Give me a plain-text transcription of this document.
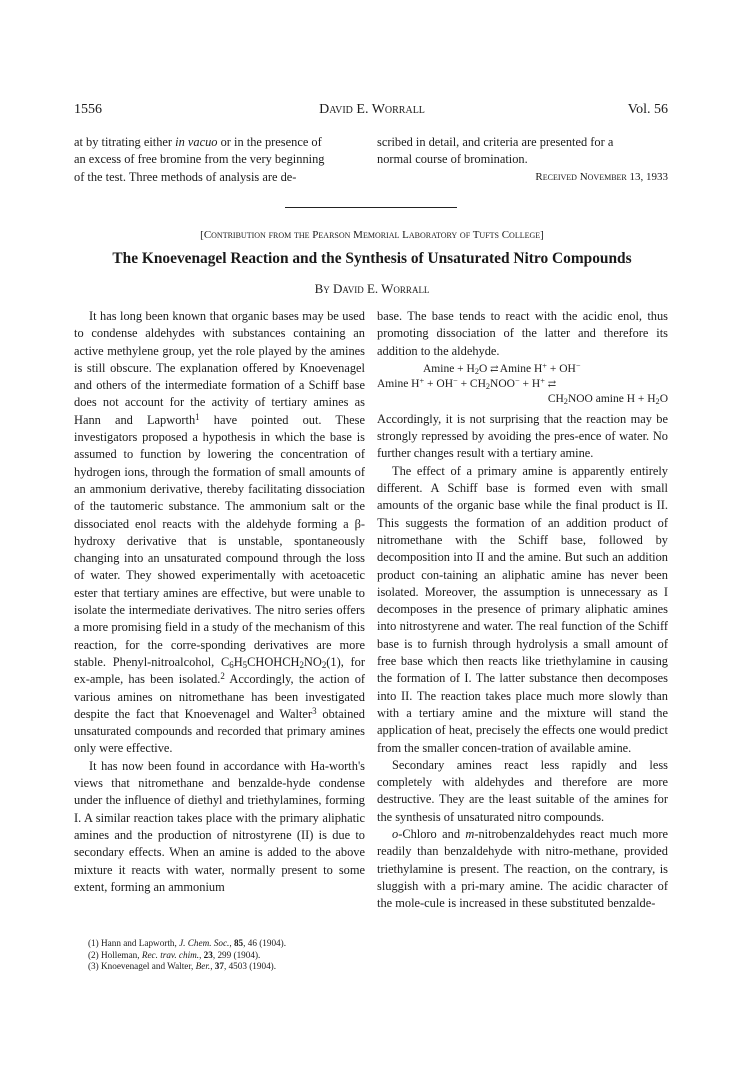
1556	David E. Worrall	Vol. 56
at by titrating either in vacuo or in the presence of
an excess of free bromine from the very beginning
of the test. Three methods of analysis are de-
scribed in detail, and criteria are presented for a
normal course of bromination.
Received November 13, 1933
[Contribution from the Pearson Memorial Laboratory of Tufts College]
The Knoevenagel Reaction and the Synthesis of Unsaturated Nitro Compounds
By David E. Worrall

It has long been known that organic bases may be used to condense aldehydes with substances containing an active methylene group, yet the role played by the amines is still obscure. The explanation offered by Knoevenagel and others of the intermediate formation of a Schiff base does not account for the activity of tertiary amines as Hann and Lapworth$^1$ have pointed out. These investigators proposed a hypothesis in which the base is assumed to function by lowering the concentration of hydrogen ions, through the formation of small amounts of an ammonium derivative, thereby facilitating dissociation of the tautomeric substance. The ammonium salt or the dissociated enol reacts with the aldehyde forming a β-hydroxy derivative that is unstable, spontaneously changing into an unsaturated compound through the loss of water. They showed experimentally with acetoacetic ester that tertiary amines are effective, but were unable to isolate the intermediate derivatives. The nitro series offers a more promising field in a study of the mechanism of this reaction, for the corre-sponding derivatives are more stable. Phenyl-nitroalcohol, $C_6H_5CHOHCH_2NO_2(1)$, for ex-ample, has been isolated.$^2$ Accordingly, the action of various amines on nitromethane has been investigated despite the fact that Knoevenagel and Walter$^3$ obtained unsaturated compounds and recorded that primary amines only were effective.

It has now been found in accordance with Ha-worth's views that nitromethane and benzalde-hyde condense under the influence of diethyl and triethylamines, forming I. A similar reaction takes place with the primary aliphatic amines and the production of nitrostyrene (II) is due to secondary effects. When an amine is added to the above mixture it reacts with water, normally present to some extent, forming an ammonium

base. The base tends to react with the acidic enol, thus promoting dissociation of the latter and therefore its addition to the aldehyde.

$Amine + H_2O$ ⇄ Amine H+ + OH−
Amine $H^+ + OH^- + CH_2NOO^- + H^+$ ⇄
$CH_2NOO$ amine $H + H_2O$

Accordingly, it is not surprising that the reaction may be strongly repressed by avoiding the pres-ence of water. No further changes result with a tertiary amine.

The effect of a primary amine is apparently entirely different. A Schiff base is formed even with small amounts of the organic base while the final product is II. This suggests the formation of an addition product of nitromethane with the Schiff base, followed by decomposition into II and the amine. But such an addition product con-taining an aliphatic amine has never been isolated. Moreover, the assumption is unnecessary as I decomposes in the presence of primary aliphatic amines into nitrostyrene and water. The real function of the Schiff base is to furnish through hydrolysis a small amount of free base which then reacts like triethylamine in causing the formation of I. The latter substance then decomposes into II. The reaction takes place much more slowly than with a tertiary amine and the mixture will stand the application of heat, precisely the effects one would predict from the smaller concen-tration of available amine.

Secondary amines react less rapidly and less completely with aldehydes and therefore are more destructive. They are the least suitable of the amines for the synthesis of unsaturated nitro compounds.

o-Chloro and m-nitrobenzaldehydes react much more readily than benzaldehyde with nitro-methane, provided triethylamine is present. The reaction, on the contrary, is sluggish with a pri-mary amine. The acidic character of the mole-cule is increased in these substituted benzalde-

(1) Hann and Lapworth, J. Chem. Soc., 85, 46 (1904).
(2) Holleman, Rec. trav. chim., 23, 299 (1904).
(3) Knoevenagel and Walter, Ber., 37, 4503 (1904).
